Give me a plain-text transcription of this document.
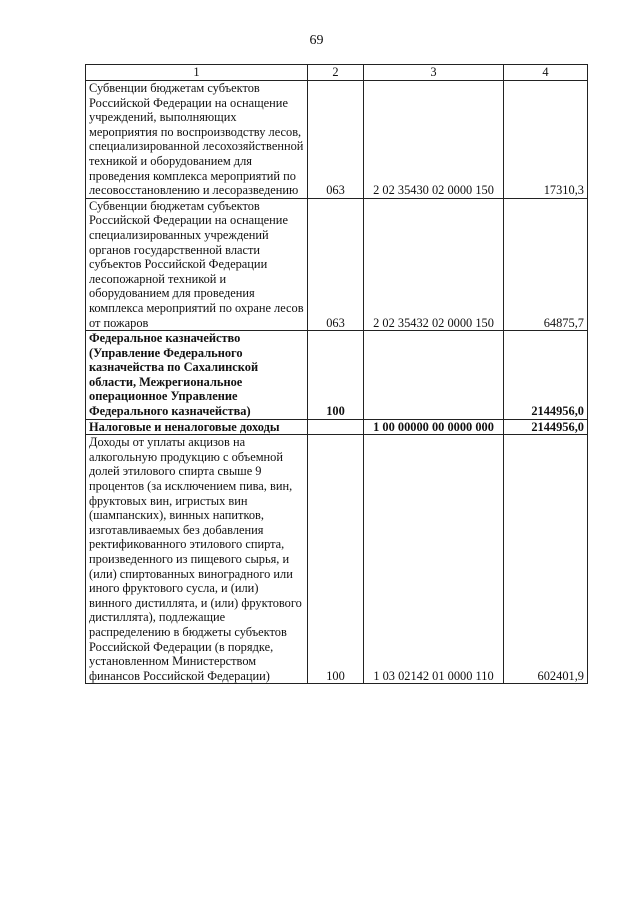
69
1	2	3	4
Субвенции бюджетам субъектов Российской Федерации на оснащение учреждений, выполняющих мероприятия по воспроизводству лесов, специализированной лесохозяйственной техникой и оборудованием для проведения комплекса мероприятий по лесовосстановлению и лесоразведению	063	2 02 35430 02 0000 150	17310,3
Субвенции бюджетам субъектов Российской Федерации на оснащение специализированных учреждений органов государственной власти субъектов Российской Федерации лесопожарной техникой и оборудованием для проведения комплекса мероприятий по охране лесов от пожаров	063	2 02 35432 02 0000 150	64875,7
Федеральное казначейство (Управление Федерального казначейства по Сахалинской области, Межрегиональное операционное Управление Федерального казначейства)	100		2144956,0
Налоговые и неналоговые доходы		1 00 00000 00 0000 000	2144956,0
Доходы от уплаты акцизов на алкогольную продукцию с объемной долей этилового спирта свыше 9 процентов (за исключением пива, вин, фруктовых вин, игристых вин (шампанских), винных напитков, изготавливаемых без добавления ректификованного этилового спирта, произведенного из пищевого сырья, и (или) спиртованных виноградного или иного фруктового сусла, и (или) винного дистиллята, и (или) фруктового дистиллята), подлежащие распределению в бюджеты субъектов Российской Федерации (в порядке, установленном Министерством финансов Российской Федерации)	100	1 03 02142 01 0000 110	602401,9
